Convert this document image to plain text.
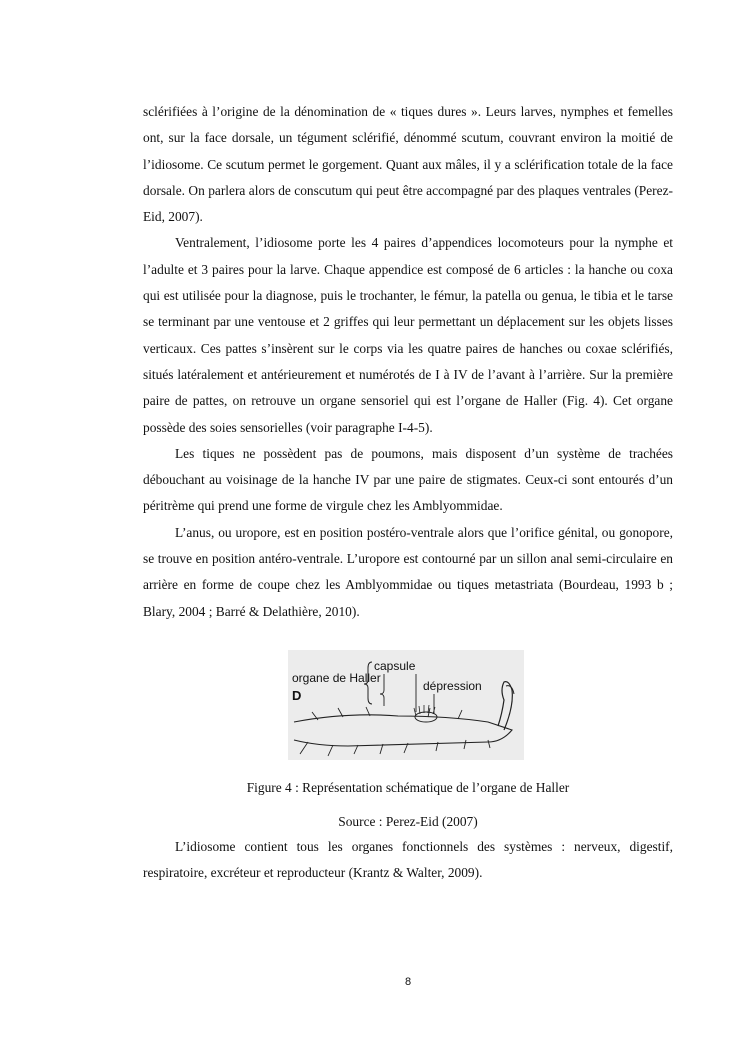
sclérifiées à l’origine de la dénomination de « tiques dures ». Leurs larves, nymphes et femelles ont, sur la face dorsale, un tégument sclérifié, dénommé scutum, couvrant environ la moitié de l’idiosome. Ce scutum permet le gorgement. Quant aux mâles, il y a sclérification totale de la face dorsale. On parlera alors de conscutum qui peut être accompagné par des plaques ventrales (Perez-Eid, 2007).

Ventralement, l’idiosome porte les 4 paires d’appendices locomoteurs pour la nymphe et l’adulte et 3 paires pour la larve. Chaque appendice est composé de 6 articles : la hanche ou coxa qui est utilisée pour la diagnose, puis le trochanter, le fémur, la patella ou genua, le tibia et le tarse se terminant par une ventouse et 2 griffes qui leur permettant un déplacement sur les objets lisses verticaux. Ces pattes s’insèrent sur le corps via les quatre paires de hanches ou coxae sclérifiés, situés latéralement et antérieurement et numérotés de I à IV de l’avant à l’arrière. Sur la première paire de pattes, on retrouve un organe sensoriel qui est l’organe de Haller (Fig. 4). Cet organe possède des soies sensorielles (voir paragraphe I-4-5).

Les tiques ne possèdent pas de poumons, mais disposent d’un système de trachées débouchant au voisinage de la hanche IV par une paire de stigmates. Ceux-ci sont entourés d’un péritrème qui prend une forme de virgule chez les Amblyommidae.

L’anus, ou uropore, est en position postéro-ventrale alors que l’orifice génital, ou gonopore, se trouve en position antéro-ventrale. L’uropore est contourné par un sillon anal semi-circulaire en arrière en forme de coupe chez les Amblyommidae ou tiques metastriata (Bourdeau, 1993 b ; Blary, 2004 ; Barré & Delathière, 2010).

organe de Haller
D
capsule
dépression
Figure 4 : Représentation schématique de l’organe de Haller
Source : Perez-Eid (2007)

L’idiosome contient tous les organes fonctionnels des systèmes : nerveux, digestif, respiratoire, excréteur et reproducteur (Krantz & Walter, 2009).

8
